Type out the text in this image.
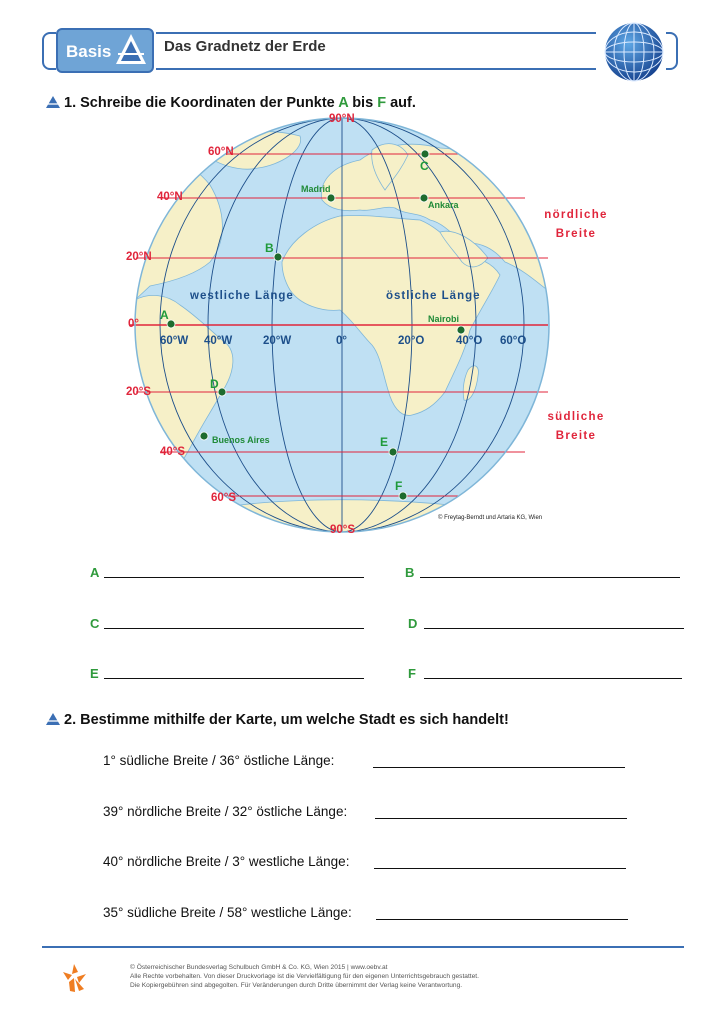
Basis	Das Gradnetz der Erde
1. Schreibe die Koordinaten der Punkte A bis F auf.
90°N
60°N
40°N
20°N
0°
20°S
40°S
60°S
90°S
60°W 40°W	20°W	0°	20°O	40°O 60°O
westliche Länge	östliche Länge
nördliche
Breite
südliche
Breite
A
B
C
D
E
F
Madrid
Ankara
Nairobi
Buenos Aires
© Freytag-Berndt und Artaria KG, Wien
A	B
C	D
E	F
2. Bestimme mithilfe der Karte, um welche Stadt es sich handelt!
1° südliche Breite / 36° östliche Länge:
39° nördliche Breite / 32° östliche Länge:
40° nördliche Breite / 3° westliche Länge:
35° südliche Breite / 58° westliche Länge:
© Österreichischer Bundesverlag Schulbuch GmbH & Co. KG, Wien 2015 | www.oebv.at
Alle Rechte vorbehalten. Von dieser Druckvorlage ist die Vervielfältigung für den eigenen Unterrichtsgebrauch gestattet.
Die Kopiergebühren sind abgegolten. Für Veränderungen durch Dritte übernimmt der Verlag keine Verantwortung.
